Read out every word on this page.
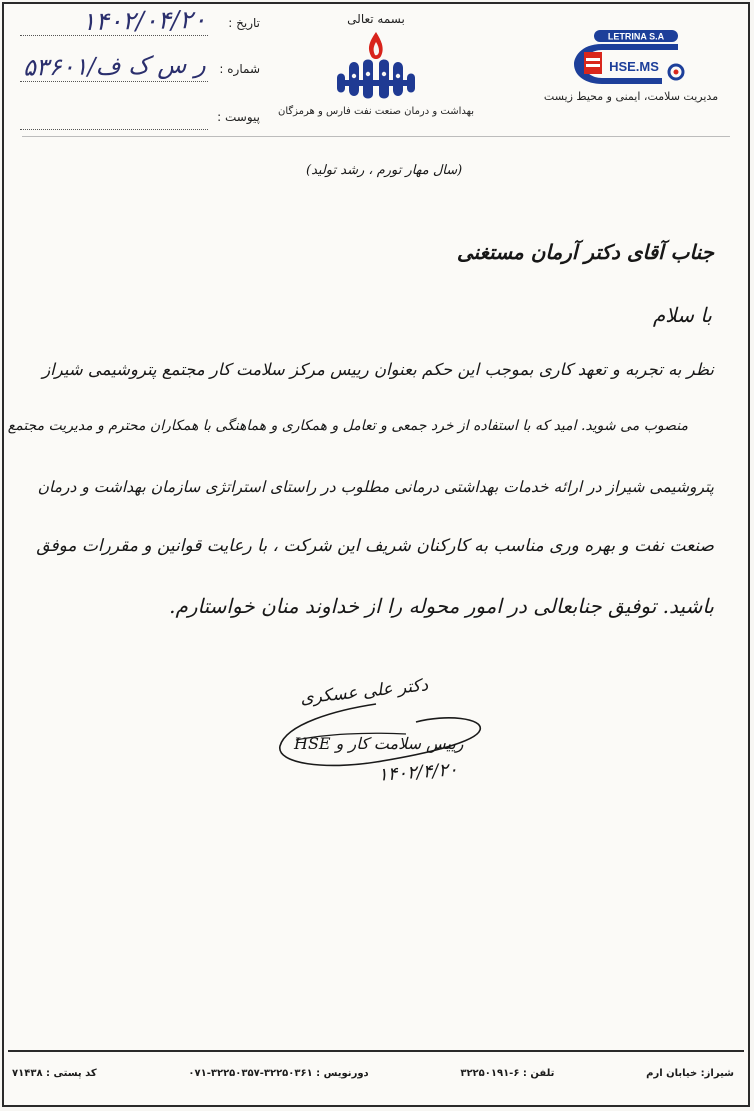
تاریخ :
۱۴۰۲/۰۴/۲۰
شماره :
۵۳۶۰۱/ر س ک ف
پیوست :
بسمه تعالی
بهداشت و درمان صنعت نفت فارس و هرمزگان
LETRINA S.A
HSE.MS
مدیریت سلامت، ایمنی و محیط زیست
(سال مهار تورم ، رشد تولید)
جناب آقای دکتر آرمان مستغنی
با سلام
نظر به تجربه و تعهد کاری بموجب این حکم بعنوان رییس مرکز سلامت کار مجتمع پتروشیمی شیراز
منصوب می شوید. امید که با استفاده از خرد جمعی و تعامل و همکاری و هماهنگی با همکاران محترم و مدیریت مجتمع
پتروشیمی شیراز در ارائه خدمات بهداشتی درمانی مطلوب در راستای استراتژی سازمان بهداشت و درمان
صنعت نفت و بهره وری مناسب به کارکنان شریف این شرکت ، با رعایت قوانین و مقررات موفق
باشید. توفیق جنابعالی در امور محوله را از خداوند منان خواستارم.
دکتر علی عسکری
رییس سلامت کار و HSE
۱۴۰۲/۴/۲۰
شیراز: خیابان ارم
تلفن : ۶-۳۲۲۵۰۱۹۱
دورنویس : ۳۲۲۵۰۳۶۱-۳۲۲۵۰۳۵۷-۰۷۱
کد پستی : ۷۱۴۳۸
